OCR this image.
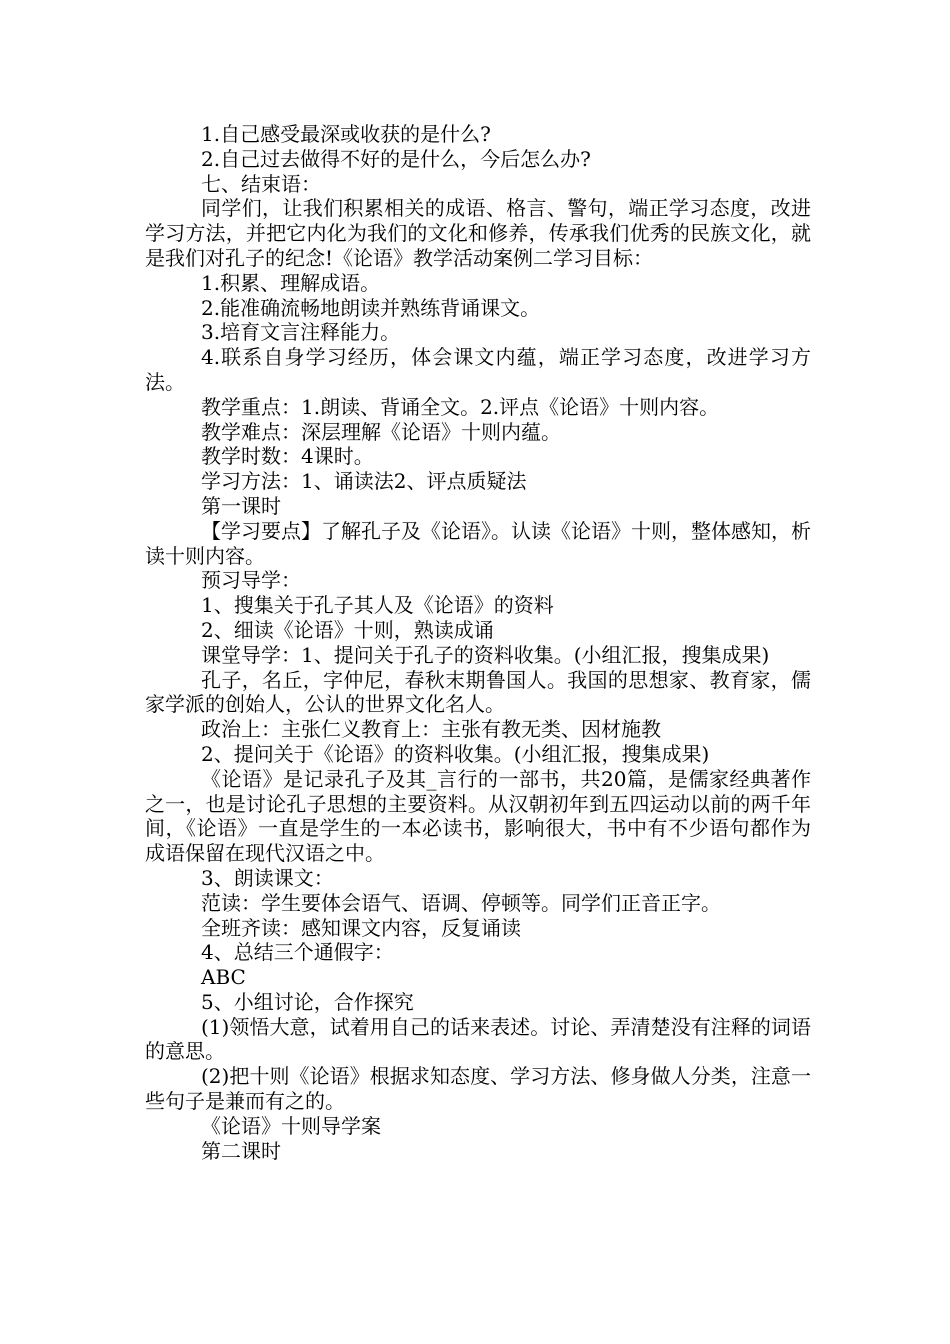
1.自己感受最深或收获的是什么?

2.自己过去做得不好的是什么，今后怎么办?

七、结束语：

同学们，让我们积累相关的成语、格言、警句，端正学习态度，改进学习方法，并把它内化为我们的文化和修养，传承我们优秀的民族文化，就是我们对孔子的纪念!《论语》教学活动案例二学习目标：

1.积累、理解成语。

2.能准确流畅地朗读并熟练背诵课文。

3.培育文言注释能力。

4.联系自身学习经历，体会课文内蕴，端正学习态度，改进学习方法。

教学重点：1.朗读、背诵全文。2.评点《论语》十则内容。

教学难点：深层理解《论语》十则内蕴。

教学时数：4课时。

学习方法：1、诵读法2、评点质疑法

第一课时

【学习要点】了解孔子及《论语》。认读《论语》十则，整体感知，析读十则内容。

预习导学：

1、搜集关于孔子其人及《论语》的资料

2、细读《论语》十则，熟读成诵

课堂导学：1、提问关于孔子的资料收集。(小组汇报，搜集成果)

孔子，名丘，字仲尼，春秋末期鲁国人。我国的思想家、教育家，儒家学派的创始人，公认的世界文化名人。

政治上：主张仁义教育上：主张有教无类、因材施教

2、提问关于《论语》的资料收集。(小组汇报，搜集成果)

《论语》是记录孔子及其_言行的一部书，共20篇，是儒家经典著作之一，也是讨论孔子思想的主要资料。从汉朝初年到五四运动以前的两千年间，《论语》一直是学生的一本必读书，影响很大，书中有不少语句都作为成语保留在现代汉语之中。

3、朗读课文：

范读：学生要体会语气、语调、停顿等。同学们正音正字。

全班齐读：感知课文内容，反复诵读

4、总结三个通假字：

ABC

5、小组讨论，合作探究

(1)领悟大意，试着用自己的话来表述。讨论、弄清楚没有注释的词语的意思。

(2)把十则《论语》根据求知态度、学习方法、修身做人分类，注意一些句子是兼而有之的。

《论语》十则导学案

第二课时
